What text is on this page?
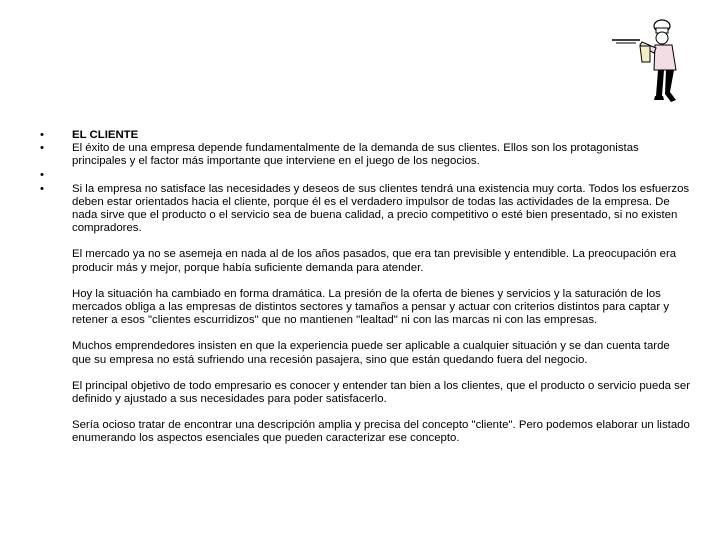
•	EL CLIENTE
•	El éxito de una empresa depende fundamentalmente de la demanda de sus clientes. Ellos son los protagonistas principales y el factor más importante que interviene en el juego de los negocios.
•
•	Si la empresa no satisface las necesidades y deseos de sus clientes tendrá una existencia muy corta. Todos los esfuerzos deben estar orientados hacia el cliente, porque él es el verdadero impulsor de todas las actividades de la empresa. De nada sirve que el producto o el servicio sea de buena calidad, a precio competitivo o esté bien presentado, si no existen compradores.

El mercado ya no se asemeja en nada al de los años pasados, que era tan previsible y entendible. La preocupación era producir más y mejor, porque había suficiente demanda para atender.

Hoy la situación ha cambiado en forma dramática. La presión de la oferta de bienes y servicios y la saturación de los mercados obliga a las empresas de distintos sectores y tamaños a pensar y actuar con criterios distintos para captar y retener a esos "clientes escurridizos" que no mantienen "lealtad" ni con las marcas ni con las empresas.

Muchos emprendedores insisten en que la experiencia puede ser aplicable a cualquier situación y se dan cuenta tarde que su empresa no está sufriendo una recesión pasajera, sino que están quedando fuera del negocio.

El principal objetivo de todo empresario es conocer y entender tan bien a los clientes, que el producto o servicio pueda ser definido y ajustado a sus necesidades para poder satisfacerlo.

Sería ocioso tratar de encontrar una descripción amplia y precisa del concepto "cliente". Pero podemos elaborar un listado enumerando los aspectos esenciales que pueden caracterizar ese concepto.
